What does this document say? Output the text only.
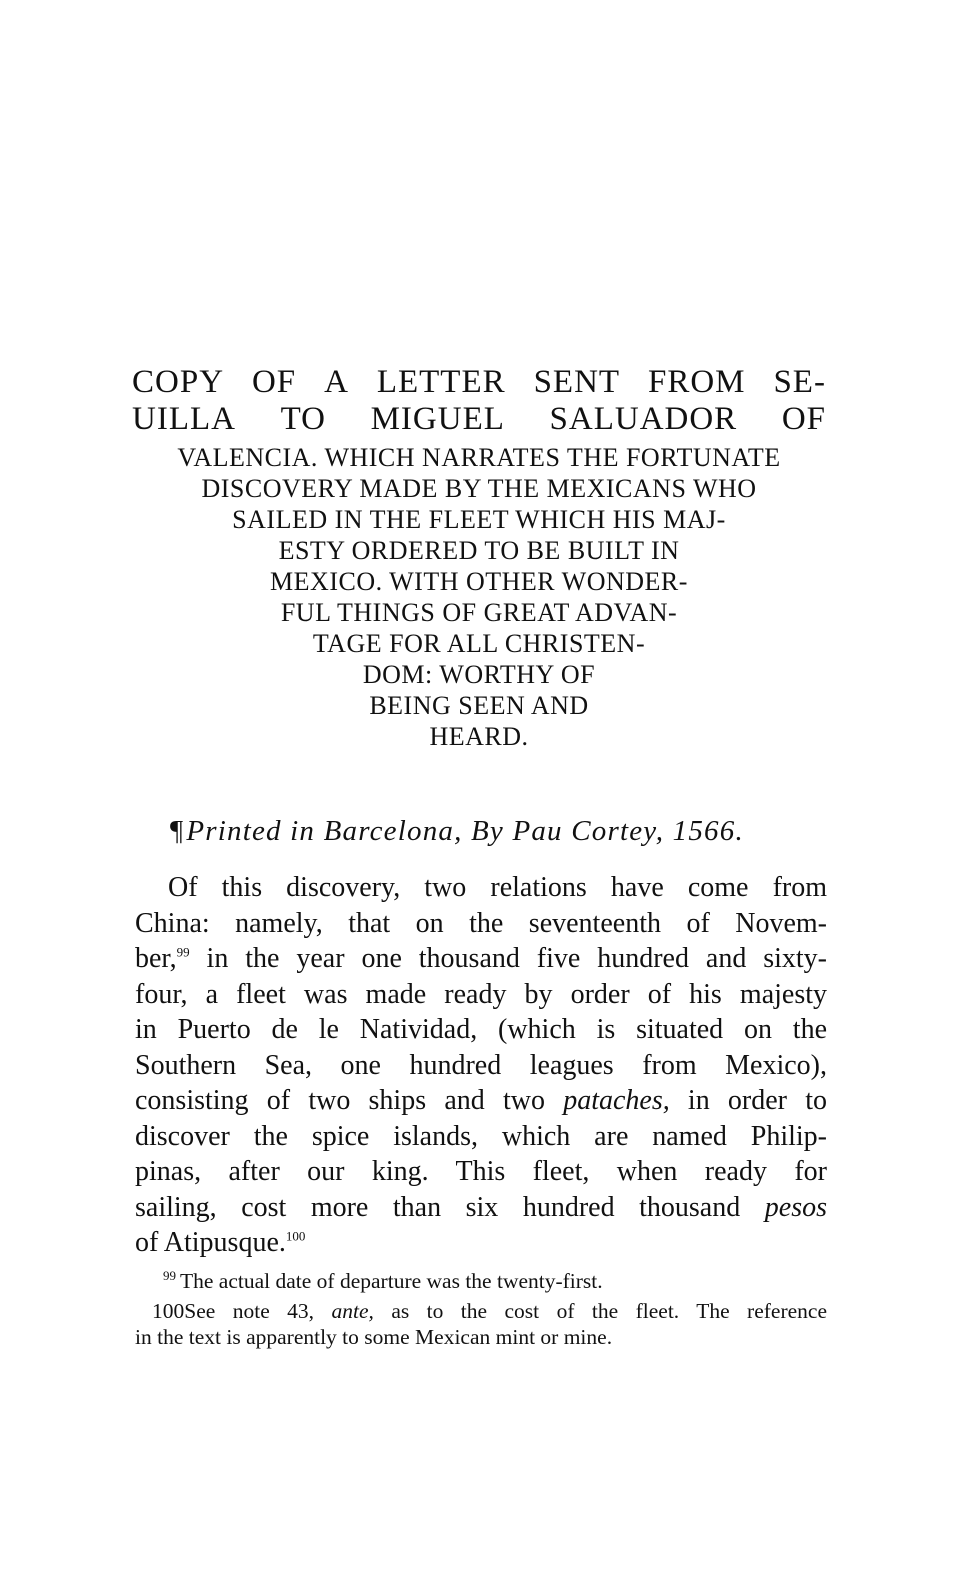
COPY OF A LETTER SENT FROM SE-
UILLA TO MIGUEL SALUADOR OF
VALENCIA. WHICH NARRATES THE FORTUNATE
DISCOVERY MADE BY THE MEXICANS WHO
SAILED IN THE FLEET WHICH HIS MAJ-
ESTY ORDERED TO BE BUILT IN
MEXICO. WITH OTHER WONDER-
FUL THINGS OF GREAT ADVAN-
TAGE FOR ALL CHRISTEN-
DOM: WORTHY OF
BEING SEEN AND
HEARD.
¶Printed in Barcelona, By Pau Cortey, 1566.
Of this discovery, two relations have come from
China: namely, that on the seventeenth of Novem-
ber,$^{99}$ in the year one thousand five hundred and sixty-
four, a fleet was made ready by order of his majesty
in Puerto de le Natividad, (which is situated on the
Southern Sea, one hundred leagues from Mexico),
consisting of two ships and two pataches, in order to
discover the spice islands, which are named Philip-
pinas, after our king. This fleet, when ready for
sailing, cost more than six hundred thousand pesos
of Atipusque.$^{100}$
$^{99}$ The actual date of departure was the twenty-first.
100See note 43, ante, as to the cost of the fleet. The reference
in the text is apparently to some Mexican mint or mine.
